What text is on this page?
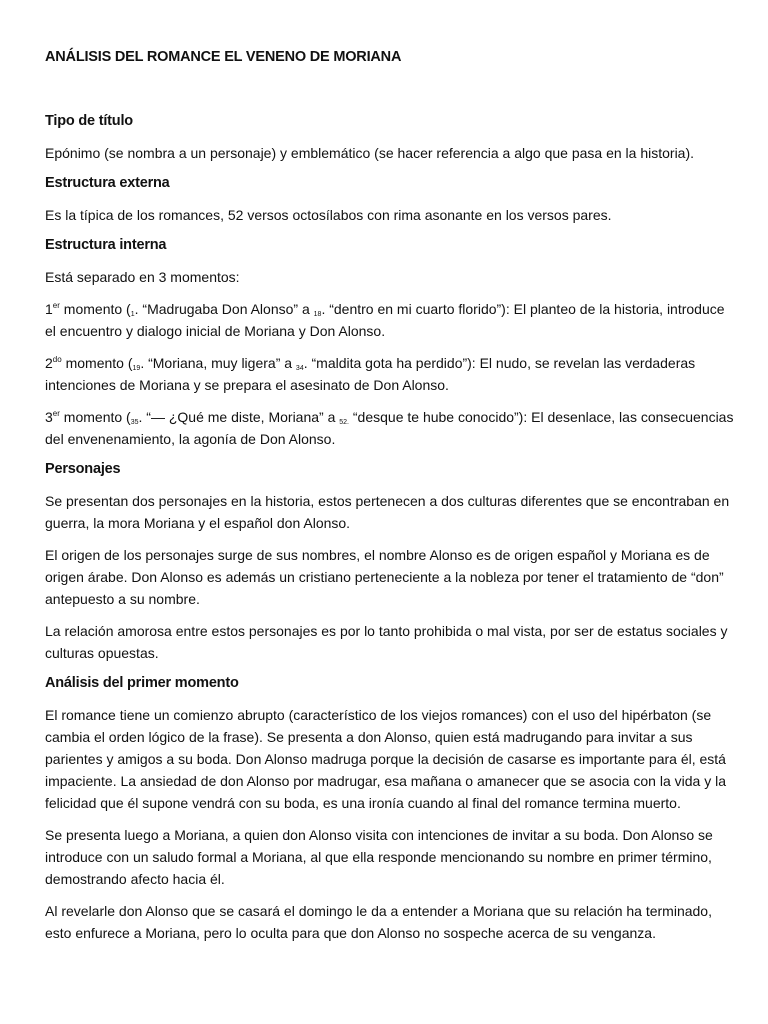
ANÁLISIS DEL ROMANCE EL VENENO DE MORIANA
Tipo de título

Epónimo (se nombra a un personaje) y emblemático (se hacer referencia a algo que pasa en la historia).

Estructura externa

Es la típica de los romances, 52 versos octosílabos con rima asonante en los versos pares.

Estructura interna

Está separado en 3 momentos:

1er momento ($_1$. “Madrugaba Don Alonso” a $_{18}$. “dentro en mi cuarto florido”): El planteo de la historia, introduce el encuentro y dialogo inicial de Moriana y Don Alonso.

$2^{do}$ momento ($_{19}$. “Moriana, muy ligera” a $_{34}$. “maldita gota ha perdido”): El nudo, se revelan las verdaderas intenciones de Moriana y se prepara el asesinato de Don Alonso.

3er momento ($_{35}$. “— ¿Qué me diste, Moriana” a $_{52.}$ “desque te hube conocido”): El desenlace, las consecuencias del envenenamiento, la agonía de Don Alonso.

Personajes

Se presentan dos personajes en la historia, estos pertenecen a dos culturas diferentes que se encontraban en guerra, la mora Moriana y el español don Alonso.

El origen de los personajes surge de sus nombres, el nombre Alonso es de origen español y Moriana es de origen árabe. Don Alonso es además un cristiano perteneciente a la nobleza por tener el tratamiento de “don” antepuesto a su nombre.

La relación amorosa entre estos personajes es por lo tanto prohibida o mal vista, por ser de estatus sociales y culturas opuestas.

Análisis del primer momento

El romance tiene un comienzo abrupto (característico de los viejos romances) con el uso del hipérbaton (se cambia el orden lógico de la frase). Se presenta a don Alonso, quien está madrugando para invitar a sus parientes y amigos a su boda. Don Alonso madruga porque la decisión de casarse es importante para él, está impaciente. La ansiedad de don Alonso por madrugar, esa mañana o amanecer que se asocia con la vida y la felicidad que él supone vendrá con su boda, es una ironía cuando al final del romance termina muerto.

Se presenta luego a Moriana, a quien don Alonso visita con intenciones de invitar a su boda. Don Alonso se introduce con un saludo formal a Moriana, al que ella responde mencionando su nombre en primer término, demostrando afecto hacia él.

Al revelarle don Alonso que se casará el domingo le da a entender a Moriana que su relación ha terminado, esto enfurece a Moriana, pero lo oculta para que don Alonso no sospeche acerca de su venganza.
